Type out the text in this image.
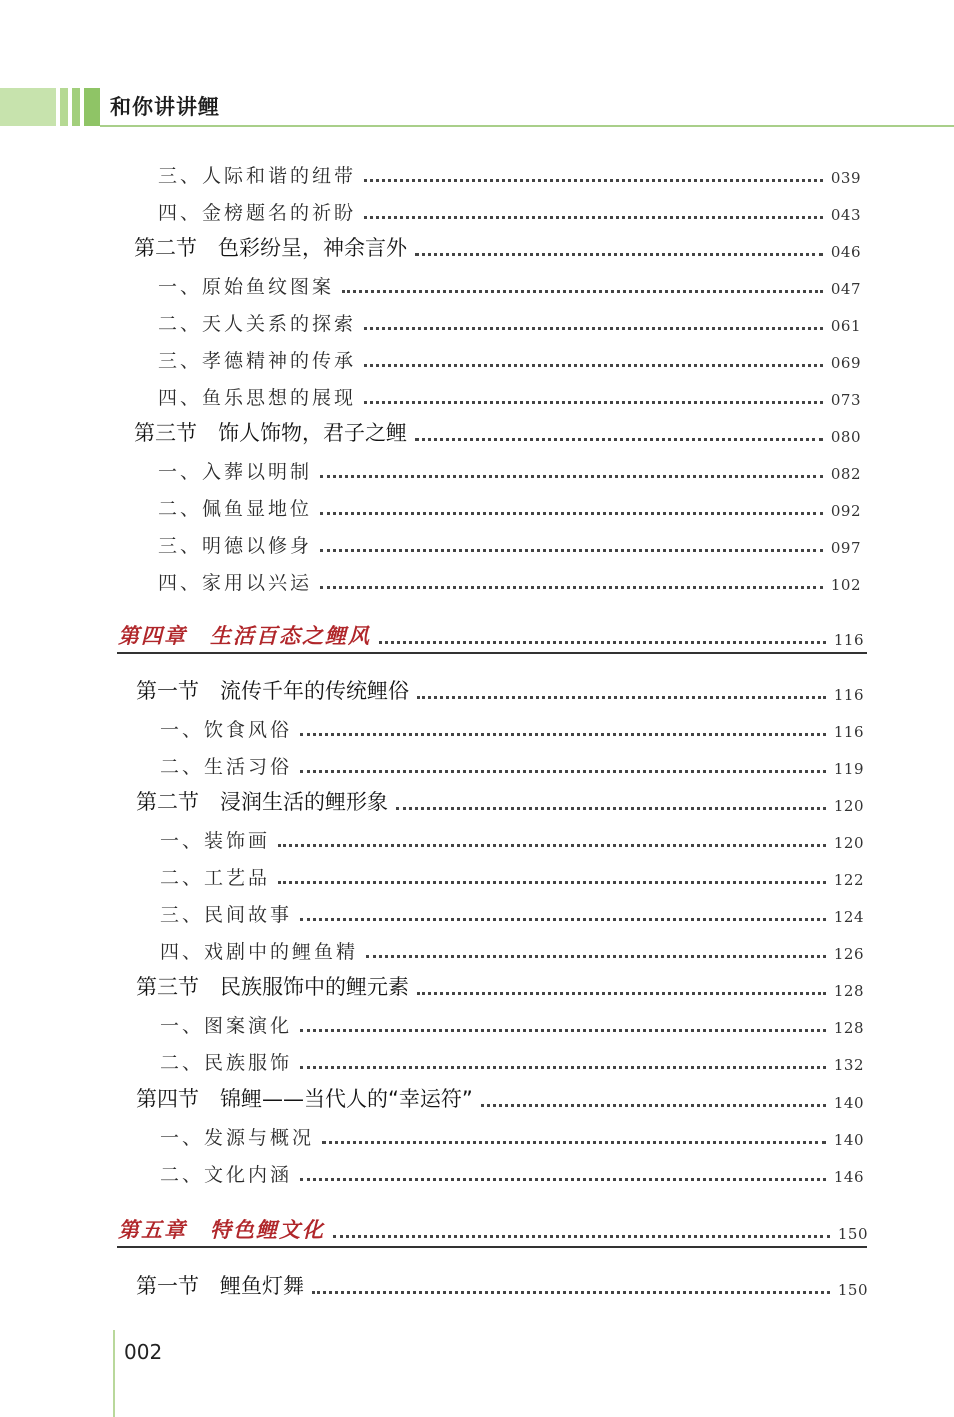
和你讲讲鲤
三、人际和谐的纽带	039
四、金榜题名的祈盼	043
第二节　色彩纷呈，神余言外	046
一、原始鱼纹图案	047
二、天人关系的探索	061
三、孝德精神的传承	069
四、鱼乐思想的展现	073
第三节　饰人饰物，君子之鲤	080
一、入葬以明制	082
二、佩鱼显地位	092
三、明德以修身	097
四、家用以兴运	102
第四章　生活百态之鲤风	116
第一节　流传千年的传统鲤俗	116
一、饮食风俗	116
二、生活习俗	119
第二节　浸润生活的鲤形象	120
一、装饰画	120
二、工艺品	122
三、民间故事	124
四、戏剧中的鲤鱼精	126
第三节　民族服饰中的鲤元素	128
一、图案演化	128
二、民族服饰	132
第四节　锦鲤——当代人的“幸运符”	140
一、发源与概况	140
二、文化内涵	146
第五章　特色鲤文化	150
第一节　鲤鱼灯舞	150
002
